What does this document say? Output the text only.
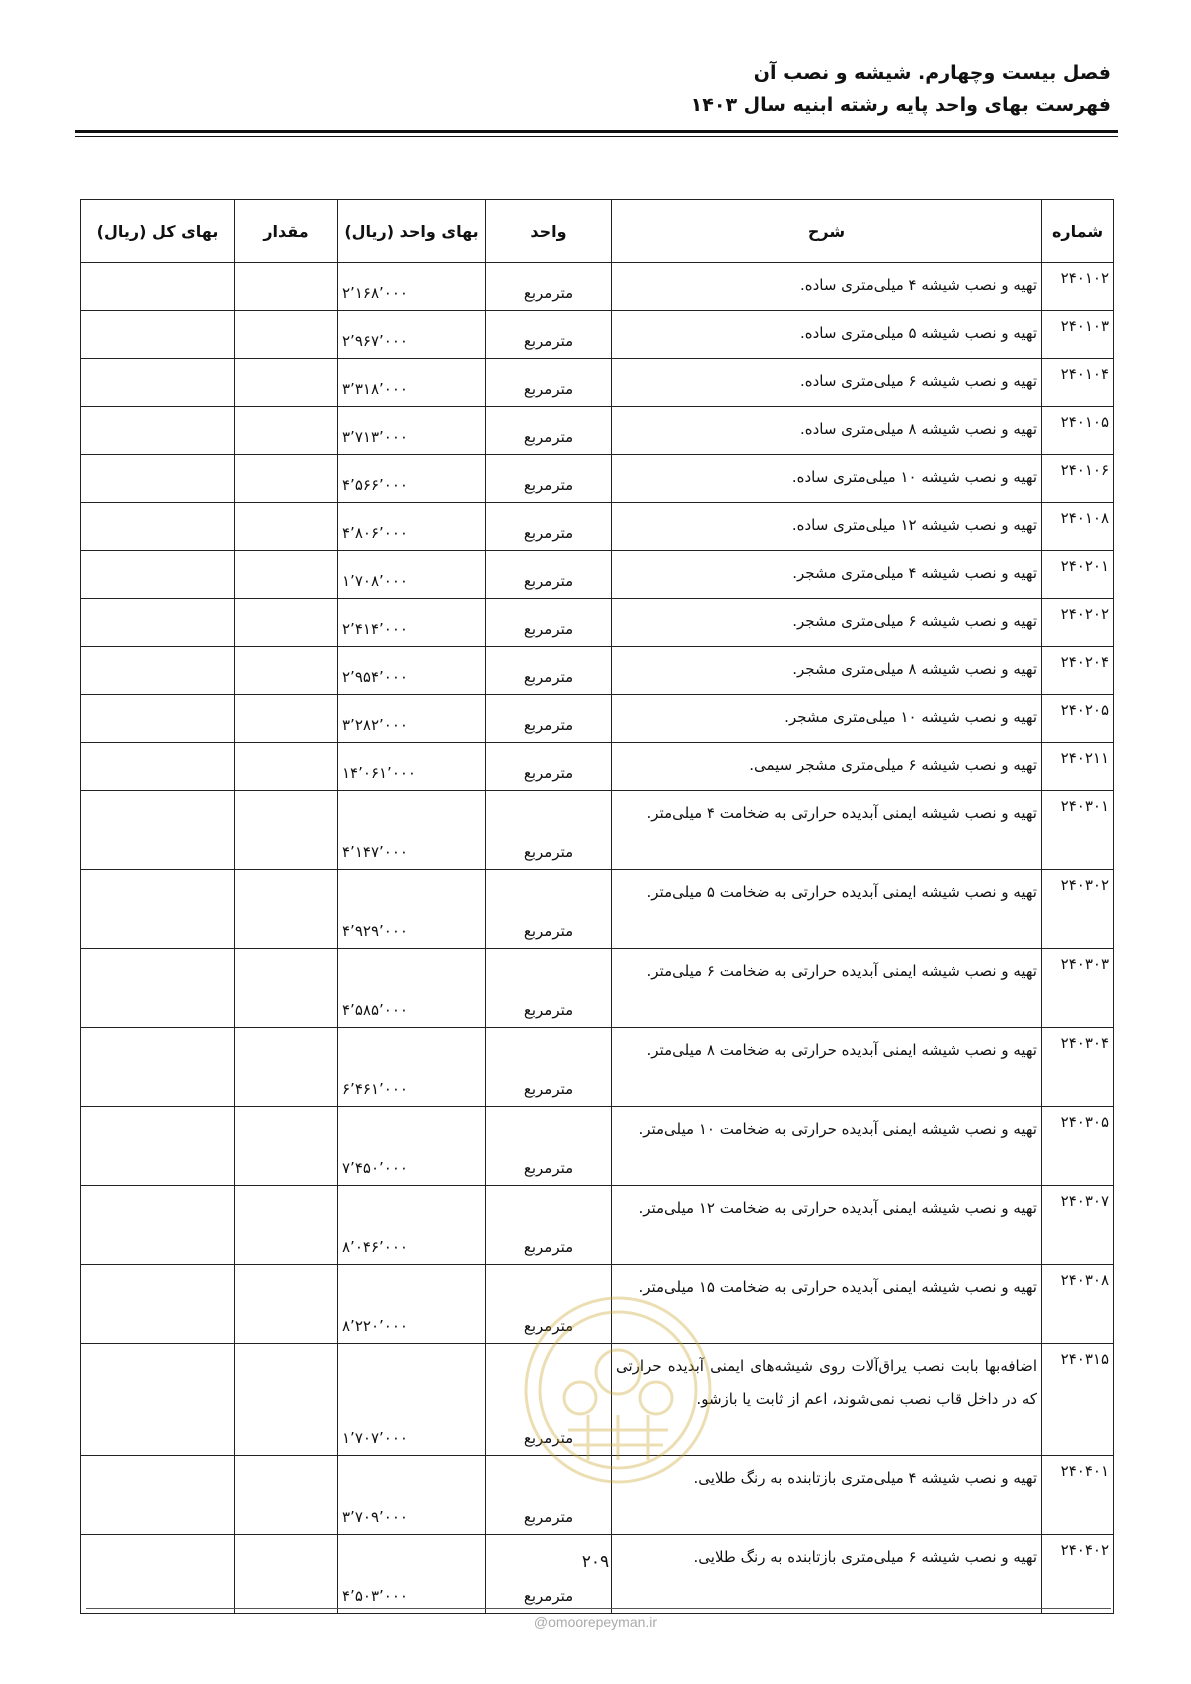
فصل بیست وچهارم. شیشه و نصب آن
فهرست بهای واحد پایه رشته ابنیه سال ۱۴۰۳
شماره	شرح	واحد	بهای واحد (ریال)	مقدار	بهای کل (ریال)
۲۴۰۱۰۲	تهیه و نصب شیشه ۴ میلی‌متری ساده.	مترمربع	۲٬۱۶۸٬۰۰۰		
۲۴۰۱۰۳	تهیه و نصب شیشه ۵ میلی‌متری ساده.	مترمربع	۲٬۹۶۷٬۰۰۰		
۲۴۰۱۰۴	تهیه و نصب شیشه ۶ میلی‌متری ساده.	مترمربع	۳٬۳۱۸٬۰۰۰		
۲۴۰۱۰۵	تهیه و نصب شیشه ۸ میلی‌متری ساده.	مترمربع	۳٬۷۱۳٬۰۰۰		
۲۴۰۱۰۶	تهیه و نصب شیشه ۱۰ میلی‌متری ساده.	مترمربع	۴٬۵۶۶٬۰۰۰		
۲۴۰۱۰۸	تهیه و نصب شیشه ۱۲ میلی‌متری ساده.	مترمربع	۴٬۸۰۶٬۰۰۰		
۲۴۰۲۰۱	تهیه و نصب شیشه ۴ میلی‌متری مشجر.	مترمربع	۱٬۷۰۸٬۰۰۰		
۲۴۰۲۰۲	تهیه و نصب شیشه ۶ میلی‌متری مشجر.	مترمربع	۲٬۴۱۴٬۰۰۰		
۲۴۰۲۰۴	تهیه و نصب شیشه ۸ میلی‌متری مشجر.	مترمربع	۲٬۹۵۴٬۰۰۰		
۲۴۰۲۰۵	تهیه و نصب شیشه ۱۰ میلی‌متری مشجر.	مترمربع	۳٬۲۸۲٬۰۰۰		
۲۴۰۲۱۱	تهیه و نصب شیشه ۶ میلی‌متری مشجر سیمی.	مترمربع	۱۴٬۰۶۱٬۰۰۰		
۲۴۰۳۰۱	تهیه و نصب شیشه ایمنی آبدیده حرارتی به ضخامت ۴ میلی‌متر.	مترمربع	۴٬۱۴۷٬۰۰۰		
۲۴۰۳۰۲	تهیه و نصب شیشه ایمنی آبدیده حرارتی به ضخامت ۵ میلی‌متر.	مترمربع	۴٬۹۲۹٬۰۰۰		
۲۴۰۳۰۳	تهیه و نصب شیشه ایمنی آبدیده حرارتی به ضخامت ۶ میلی‌متر.	مترمربع	۴٬۵۸۵٬۰۰۰		
۲۴۰۳۰۴	تهیه و نصب شیشه ایمنی آبدیده حرارتی به ضخامت ۸ میلی‌متر.	مترمربع	۶٬۴۶۱٬۰۰۰		
۲۴۰۳۰۵	تهیه و نصب شیشه ایمنی آبدیده حرارتی به ضخامت ۱۰ میلی‌متر.	مترمربع	۷٬۴۵۰٬۰۰۰		
۲۴۰۳۰۷	تهیه و نصب شیشه ایمنی آبدیده حرارتی به ضخامت ۱۲ میلی‌متر.	مترمربع	۸٬۰۴۶٬۰۰۰		
۲۴۰۳۰۸	تهیه و نصب شیشه ایمنی آبدیده حرارتی به ضخامت ۱۵ میلی‌متر.	مترمربع	۸٬۲۲۰٬۰۰۰		
۲۴۰۳۱۵	اضافه‌بها بابت نصب یراق‌آلات روی شیشه‌های ایمنی آبدیده حرارتی که در داخل قاب نصب نمی‌شوند، اعم از ثابت یا بازشو.	مترمربع	۱٬۷۰۷٬۰۰۰		
۲۴۰۴۰۱	تهیه و نصب شیشه ۴ میلی‌متری بازتابنده به رنگ طلایی.	مترمربع	۳٬۷۰۹٬۰۰۰		
۲۴۰۴۰۲	تهیه و نصب شیشه ۶ میلی‌متری بازتابنده به رنگ طلایی.	مترمربع	۴٬۵۰۳٬۰۰۰		
۲۰۹
@omoorepeyman.ir
